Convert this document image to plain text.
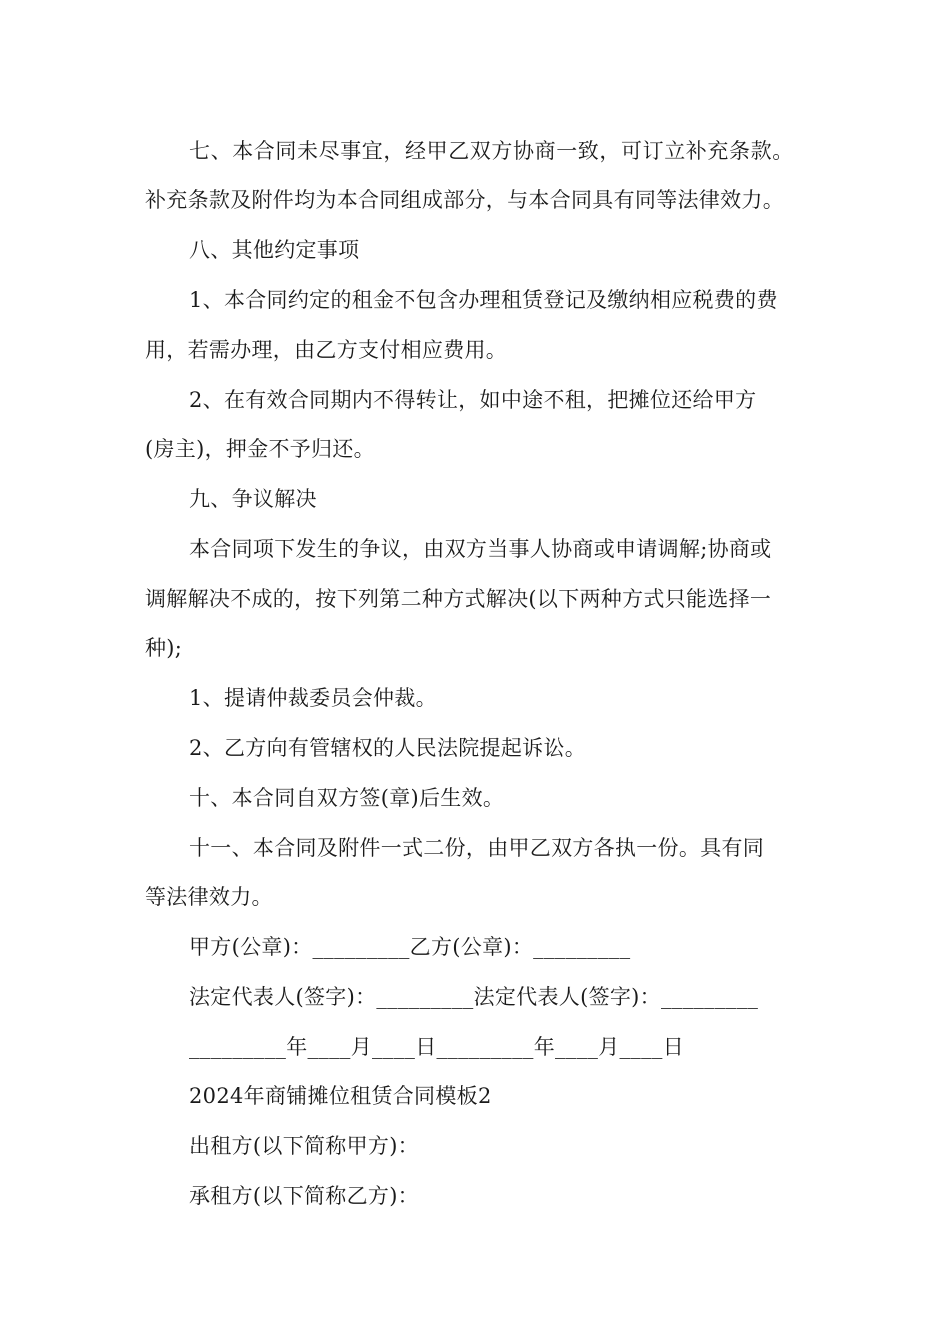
七、本合同未尽事宜，经甲乙双方协商一致，可订立补充条款。

补充条款及附件均为本合同组成部分，与本合同具有同等法律效力。

八、其他约定事项

1、本合同约定的租金不包含办理租赁登记及缴纳相应税费的费

用，若需办理，由乙方支付相应费用。

2、在有效合同期内不得转让，如中途不租，把摊位还给甲方

(房主)，押金不予归还。

九、争议解决

本合同项下发生的争议，由双方当事人协商或申请调解;协商或

调解解决不成的，按下列第二种方式解决(以下两种方式只能选择一

种);

1、提请仲裁委员会仲裁。

2、乙方向有管辖权的人民法院提起诉讼。

十、本合同自双方签(章)后生效。

十一、本合同及附件一式二份，由甲乙双方各执一份。具有同

等法律效力。

甲方(公章)：_________乙方(公章)：_________

法定代表人(签字)：_________法定代表人(签字)：_________

_________年____月____日_________年____月____日

2024年商铺摊位租赁合同模板2

出租方(以下简称甲方)：

承租方(以下简称乙方)：
